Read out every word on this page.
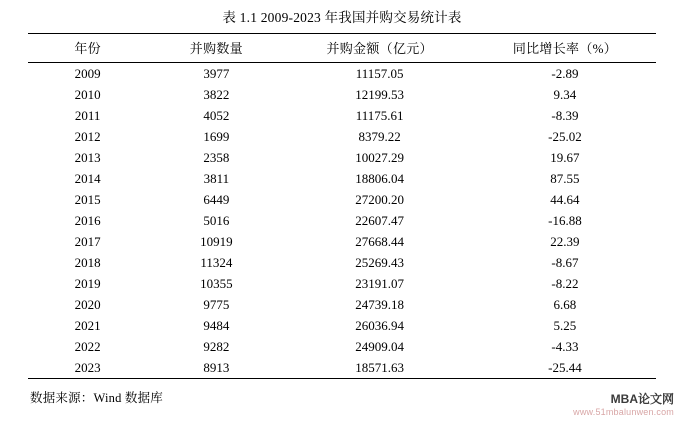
表 1.1 2009-2023 年我国并购交易统计表
年份	并购数量	并购金额（亿元）	同比增长率（%）
2009	3977	11157.05	-2.89
2010	3822	12199.53	9.34
2011	4052	11175.61	-8.39
2012	1699	8379.22	-25.02
2013	2358	10027.29	19.67
2014	3811	18806.04	87.55
2015	6449	27200.20	44.64
2016	5016	22607.47	-16.88
2017	10919	27668.44	22.39
2018	11324	25269.43	-8.67
2019	10355	23191.07	-8.22
2020	9775	24739.18	6.68
2021	9484	26036.94	5.25
2022	9282	24909.04	-4.33
2023	8913	18571.63	-25.44
数据来源：Wind 数据库	MBA论文网
www.51mbalunwen.com
